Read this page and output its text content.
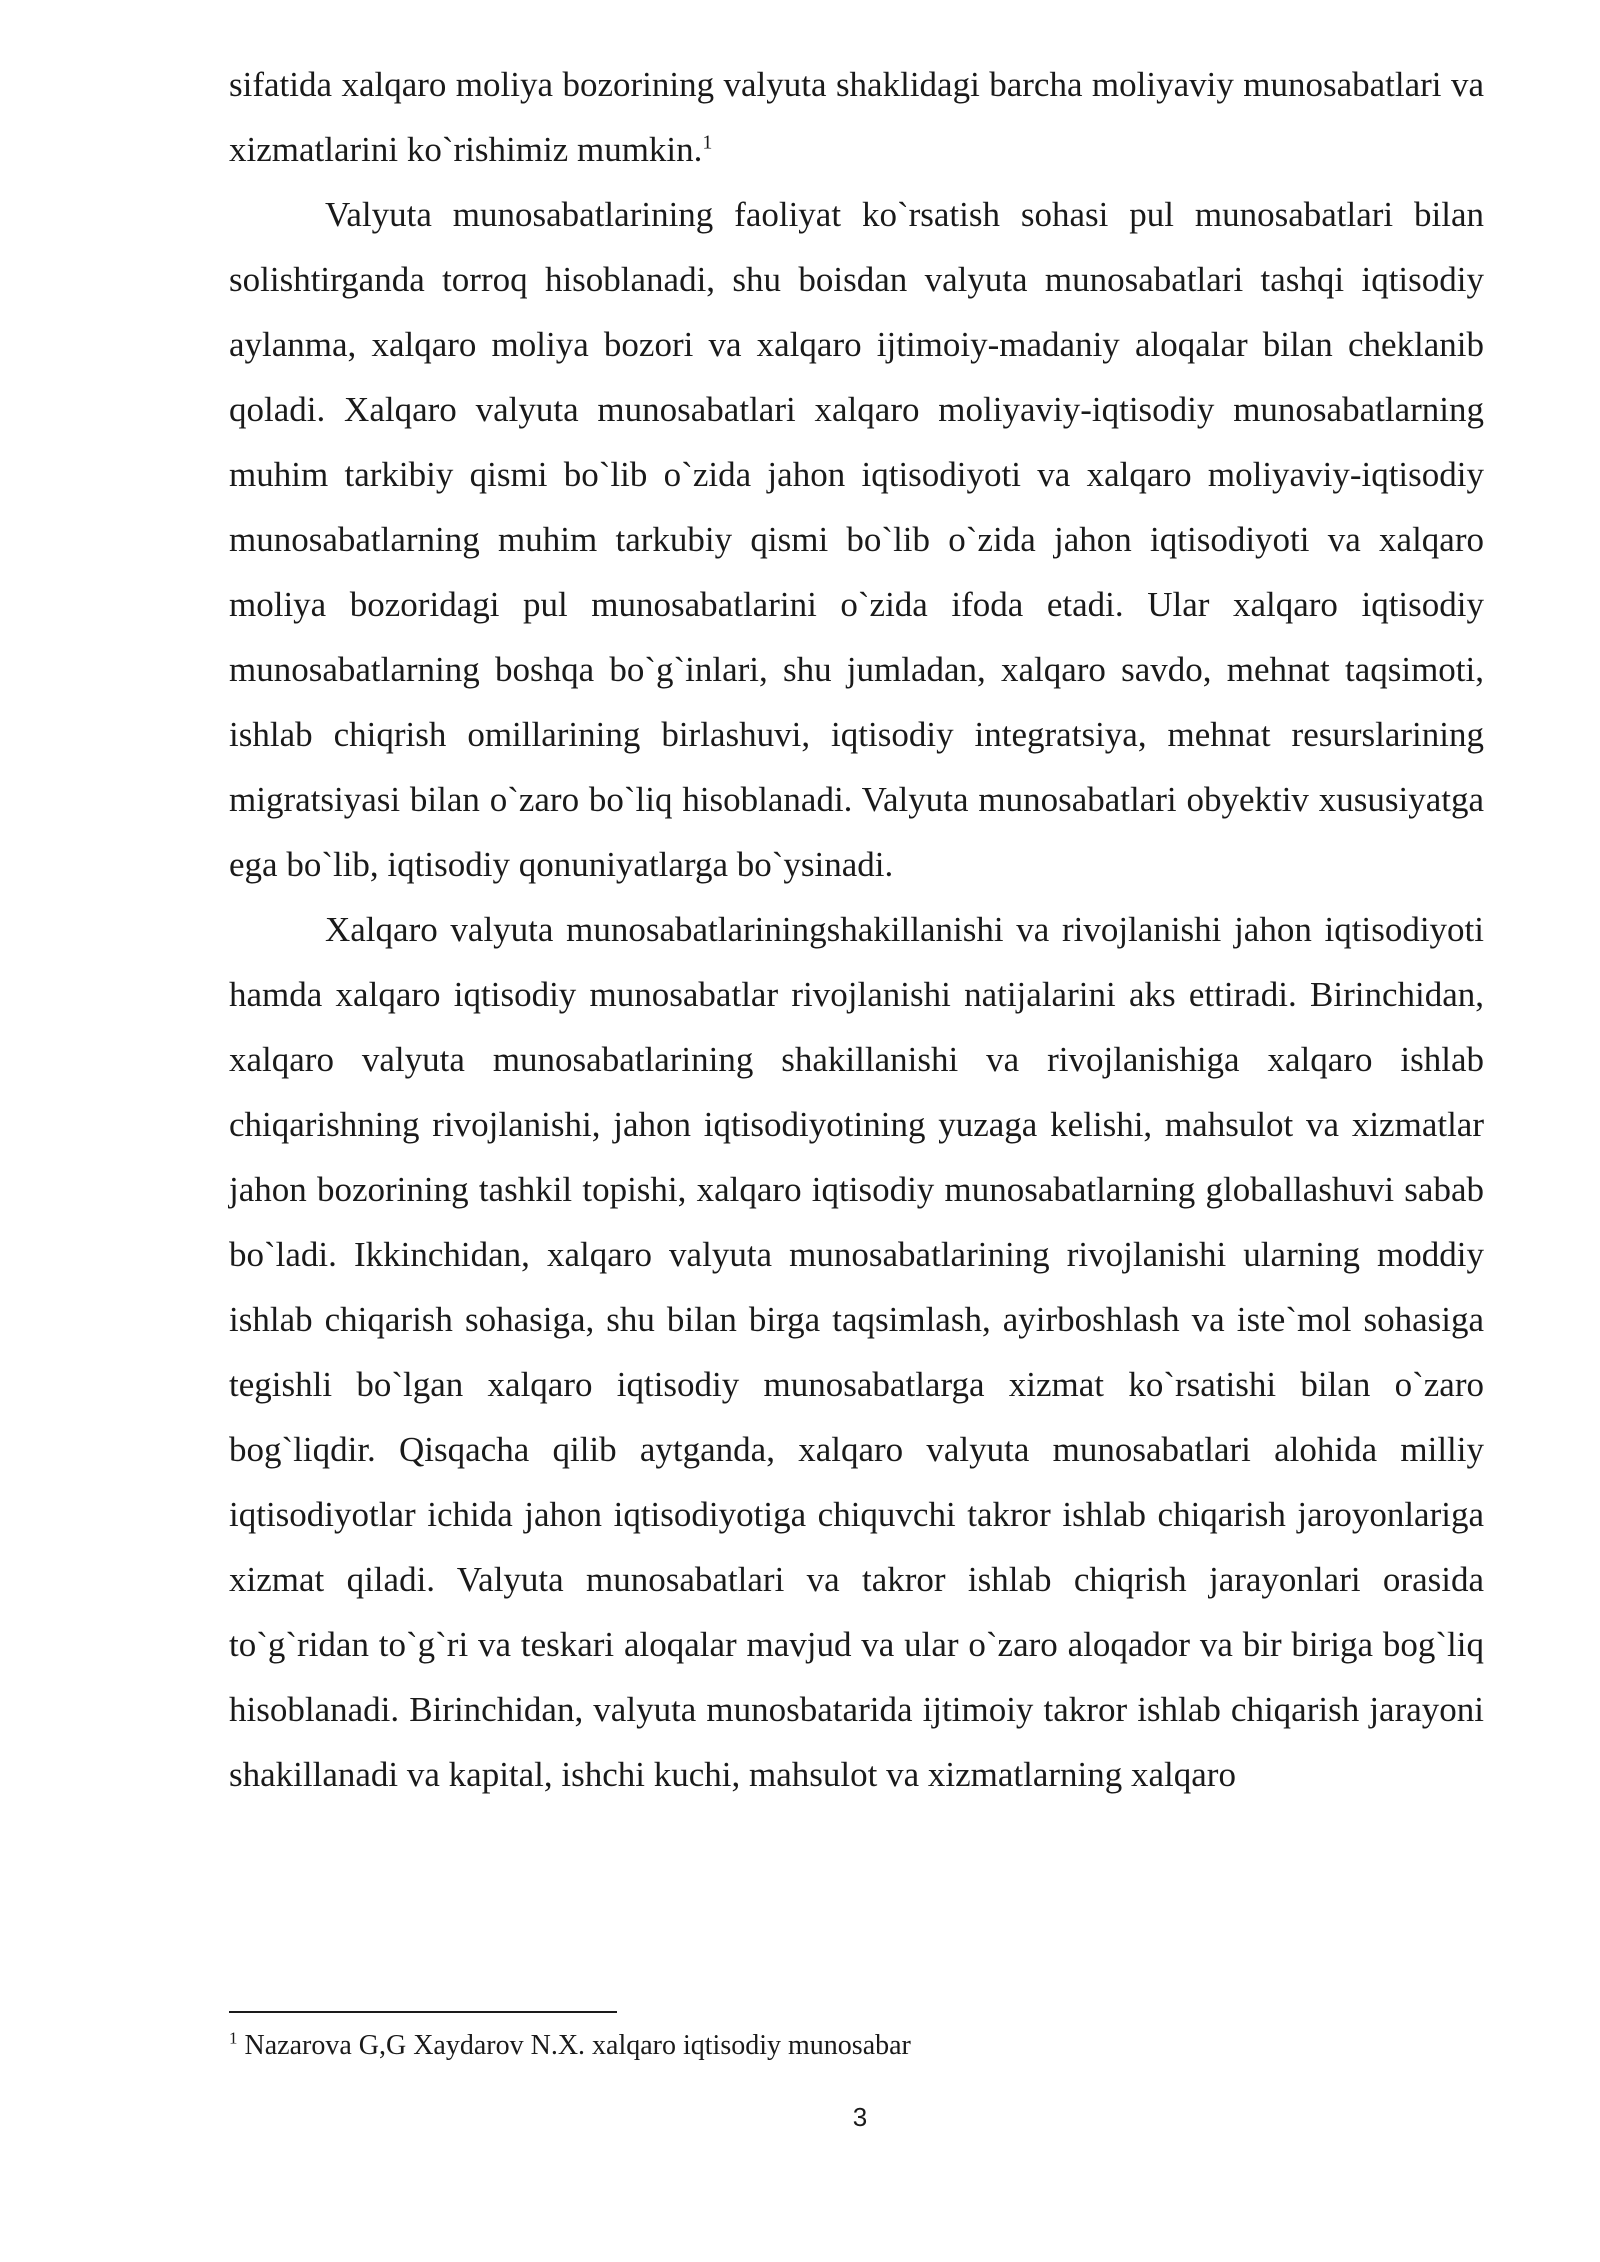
sifatida xalqaro moliya bozorining valyuta shaklidagi barcha moliyaviy munosabatlari va xizmatlarini ko`rishimiz mumkin.$^1$

Valyuta munosabatlarining faoliyat ko`rsatish sohasi pul munosabatlari bilan solishtirganda torroq hisoblanadi, shu boisdan valyuta munosabatlari tashqi iqtisodiy aylanma, xalqaro moliya bozori va xalqaro ijtimoiy-madaniy aloqalar bilan cheklanib qoladi. Xalqaro valyuta munosabatlari xalqaro moliyaviy-iqtisodiy munosabatlarning muhim tarkibiy qismi bo`lib o`zida jahon iqtisodiyoti va xalqaro moliyaviy-iqtisodiy munosabatlarning muhim tarkubiy qismi bo`lib o`zida jahon iqtisodiyoti va xalqaro moliya bozoridagi pul munosabatlarini o`zida ifoda etadi. Ular xalqaro iqtisodiy munosabatlarning boshqa bo`g`inlari, shu jumladan, xalqaro savdo, mehnat taqsimoti, ishlab chiqrish omillarining birlashuvi, iqtisodiy integratsiya, mehnat resurslarining migratsiyasi bilan o`zaro bo`liq hisoblanadi. Valyuta munosabatlari obyektiv xususiyatga ega bo`lib, iqtisodiy qonuniyatlarga bo`ysinadi.

Xalqaro valyuta munosabatlariningshakillanishi va rivojlanishi jahon iqtisodiyoti hamda xalqaro iqtisodiy munosabatlar rivojlanishi natijalarini aks ettiradi. Birinchidan, xalqaro valyuta munosabatlarining shakillanishi va rivojlanishiga xalqaro ishlab chiqarishning rivojlanishi, jahon iqtisodiyotining yuzaga kelishi, mahsulot va xizmatlar jahon bozorining tashkil topishi, xalqaro iqtisodiy munosabatlarning globallashuvi sabab bo`ladi. Ikkinchidan, xalqaro valyuta munosabatlarining rivojlanishi ularning moddiy ishlab chiqarish sohasiga, shu bilan birga taqsimlash, ayirboshlash va iste`mol sohasiga tegishli bo`lgan xalqaro iqtisodiy munosabatlarga xizmat ko`rsatishi bilan o`zaro bog`liqdir. Qisqacha qilib aytganda, xalqaro valyuta munosabatlari alohida milliy iqtisodiyotlar ichida jahon iqtisodiyotiga chiquvchi takror ishlab chiqarish jaroyonlariga xizmat qiladi. Valyuta munosabatlari va takror ishlab chiqrish jarayonlari orasida to`g`ridan to`g`ri va teskari aloqalar mavjud va ular o`zaro aloqador va bir biriga bog`liq hisoblanadi. Birinchidan, valyuta munosbatarida ijtimoiy takror ishlab chiqarish jarayoni shakillanadi va kapital, ishchi kuchi, mahsulot va xizmatlarning xalqaro

$^1$ Nazarova G,G Xaydarov N.X. xalqaro iqtisodiy munosabar
3
